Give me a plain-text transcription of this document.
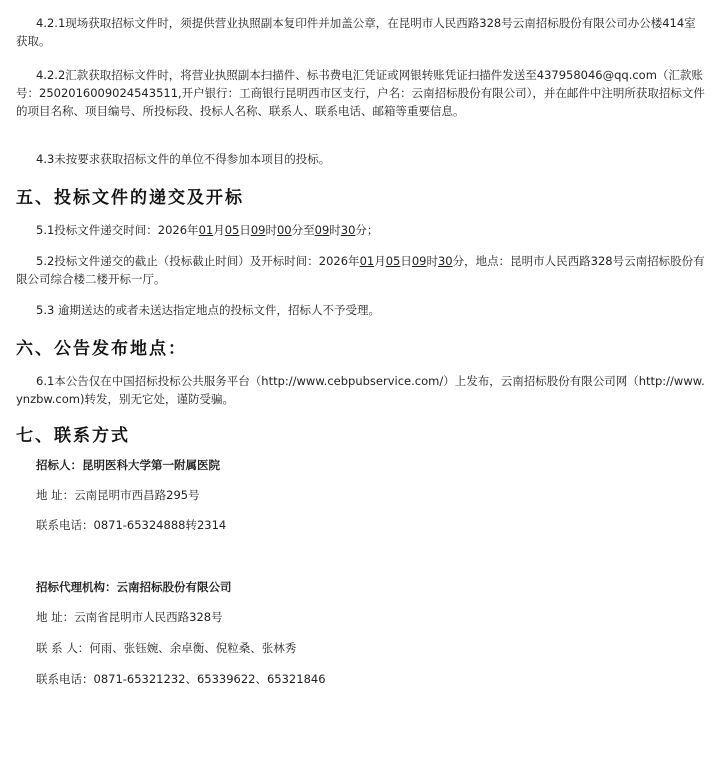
4.2.1现场获取招标文件时，须提供营业执照副本复印件并加盖公章，在昆明市人民西路328号云南招标股份有限公司办公楼414室获取。

4.2.2汇款获取招标文件时，将营业执照副本扫描件、标书费电汇凭证或网银转账凭证扫描件发送至437958046@qq.com（汇款账号：2502016009024543511,开户银行：工商银行昆明西市区支行，户名：云南招标股份有限公司），并在邮件中注明所获取招标文件的项目名称、项目编号、所投标段、投标人名称、联系人、联系电话、邮箱等重要信息。

4.3未按要求获取招标文件的单位不得参加本项目的投标。

五、投标文件的递交及开标

5.1投标文件递交时间：2026年01月05日09时00分至09时30分；

5.2投标文件递交的截止（投标截止时间）及开标时间：2026年01月05日09时30分，地点：昆明市人民西路328号云南招标股份有限公司综合楼二楼开标一厅。

5.3 逾期送达的或者未送达指定地点的投标文件，招标人不予受理。

六、公告发布地点：

6.1本公告仅在中国招标投标公共服务平台（http://www.cebpubservice.com/）上发布，云南招标股份有限公司网（http://www.ynzbw.com)转发，别无它处，谨防受骗。

七、联系方式

招标人：昆明医科大学第一附属医院

地 址：云南昆明市西昌路295号

联系电话：0871-65324888转2314

招标代理机构：云南招标股份有限公司

地 址：云南省昆明市人民西路328号

联 系 人：何雨、张钰婉、余卓衡、倪粒桑、张林秀

联系电话：0871-65321232、65339622、65321846
